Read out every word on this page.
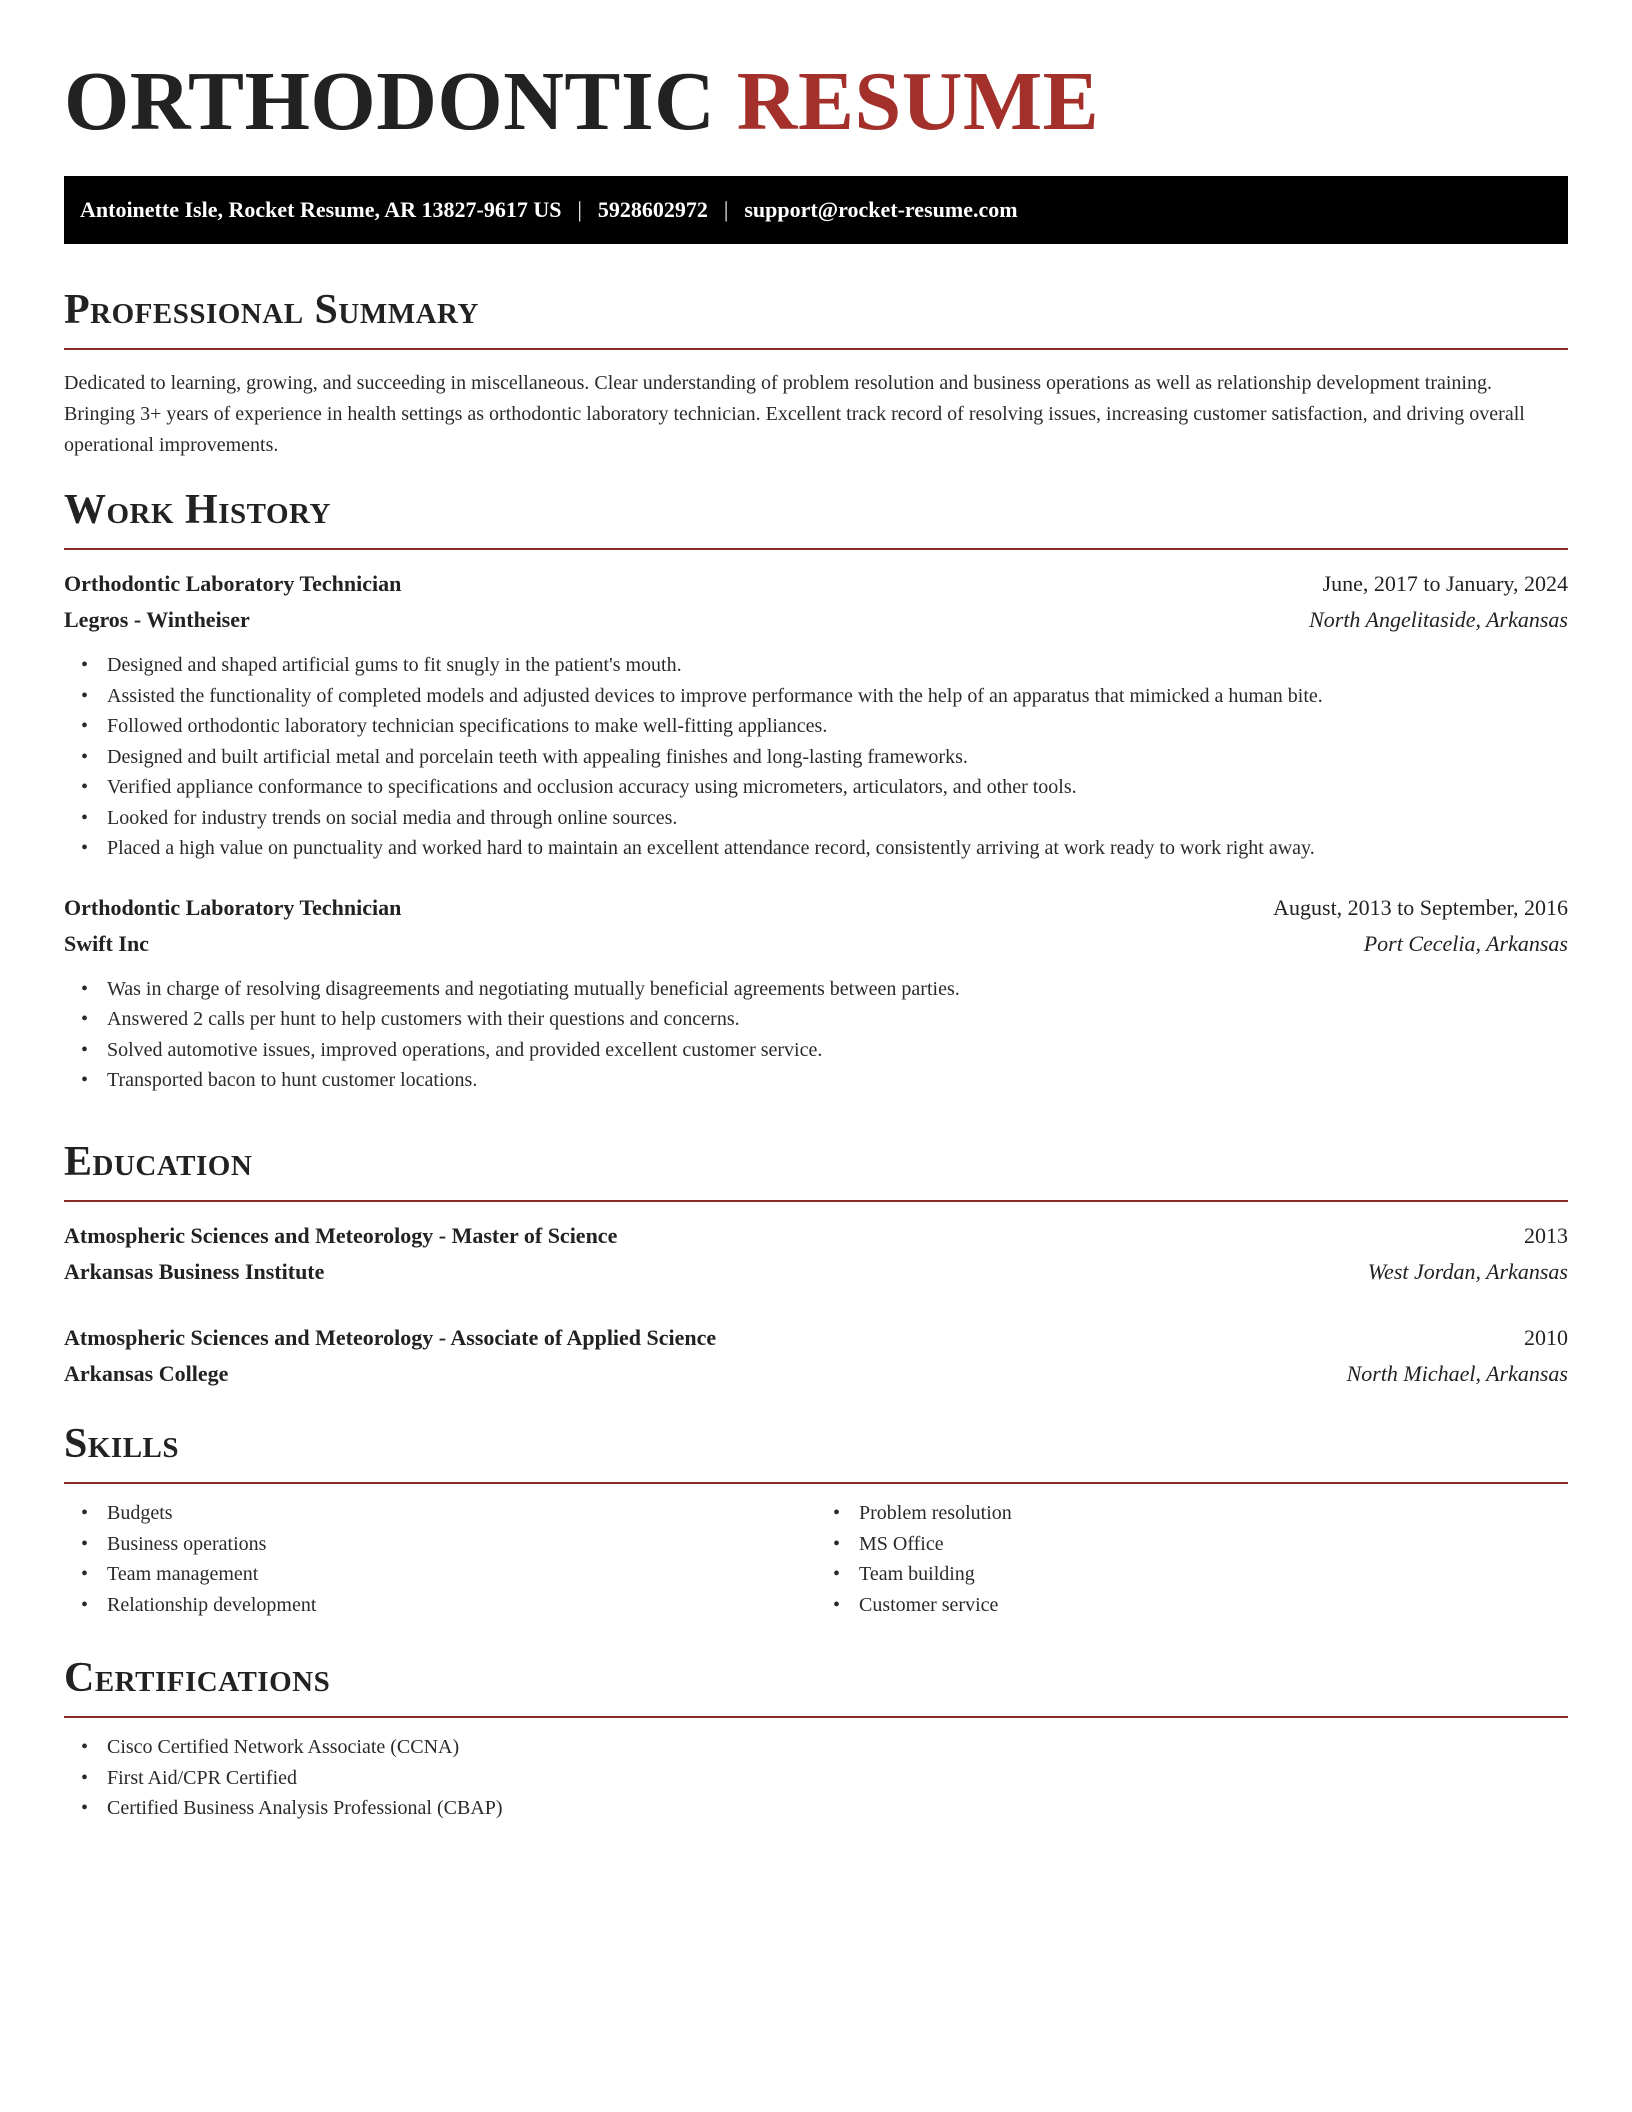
ORTHODONTIC RESUME
Antoinette Isle, Rocket Resume, AR 13827-9617 US | 5928602972 | support@rocket-resume.com
Professional Summary

Dedicated to learning, growing, and succeeding in miscellaneous. Clear understanding of problem resolution and business operations as well as relationship development training. Bringing 3+ years of experience in health settings as orthodontic laboratory technician. Excellent track record of resolving issues, increasing customer satisfaction, and driving overall operational improvements.

Work History
Orthodontic Laboratory Technician	June, 2017 to January, 2024
Legros - Wintheiser	North Angelitaside, Arkansas
• Designed and shaped artificial gums to fit snugly in the patient's mouth.
• Assisted the functionality of completed models and adjusted devices to improve performance with the help of an apparatus that mimicked a human bite.
• Followed orthodontic laboratory technician specifications to make well-fitting appliances.
• Designed and built artificial metal and porcelain teeth with appealing finishes and long-lasting frameworks.
• Verified appliance conformance to specifications and occlusion accuracy using micrometers, articulators, and other tools.
• Looked for industry trends on social media and through online sources.
• Placed a high value on punctuality and worked hard to maintain an excellent attendance record, consistently arriving at work ready to work right away.
Orthodontic Laboratory Technician	August, 2013 to September, 2016
Swift Inc	Port Cecelia, Arkansas
• Was in charge of resolving disagreements and negotiating mutually beneficial agreements between parties.
• Answered 2 calls per hunt to help customers with their questions and concerns.
• Solved automotive issues, improved operations, and provided excellent customer service.
• Transported bacon to hunt customer locations.
Education
Atmospheric Sciences and Meteorology - Master of Science	2013
Arkansas Business Institute	West Jordan, Arkansas
Atmospheric Sciences and Meteorology - Associate of Applied Science	2010
Arkansas College	North Michael, Arkansas
Skills
• Budgets
• Business operations
• Team management
• Relationship development
• Problem resolution
• MS Office
• Team building
• Customer service
Certifications
• Cisco Certified Network Associate (CCNA)
• First Aid/CPR Certified
• Certified Business Analysis Professional (CBAP)
